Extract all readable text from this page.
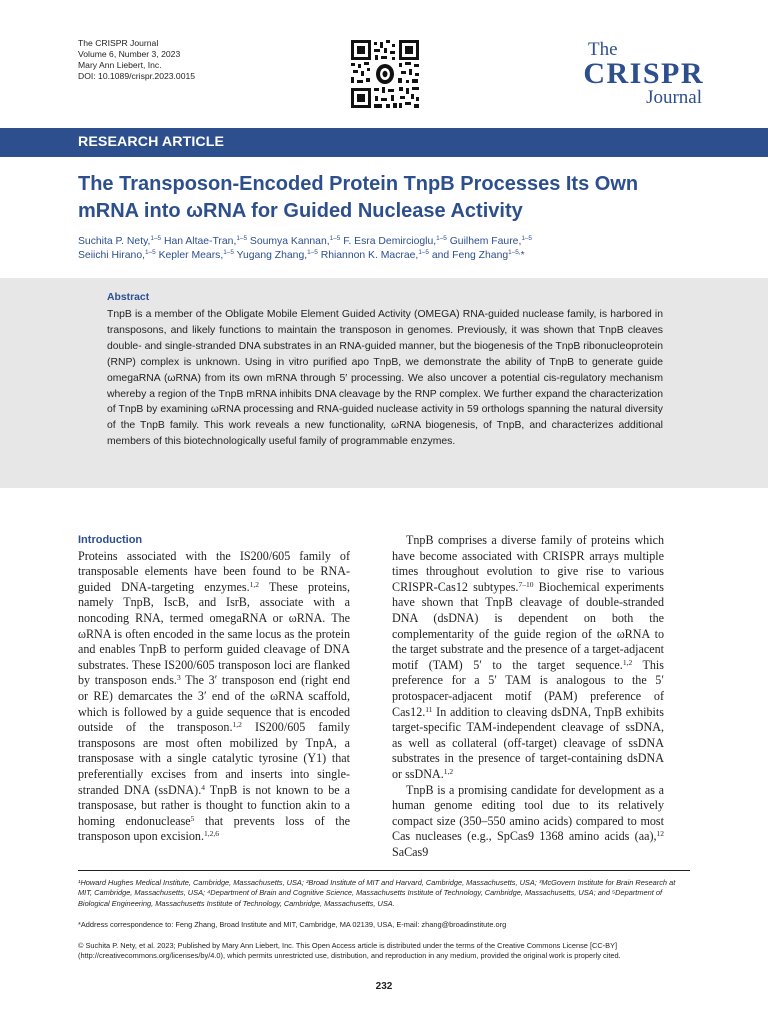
The CRISPR Journal
Volume 6, Number 3, 2023
Mary Ann Liebert, Inc.
DOI: 10.1089/crispr.2023.0015
The
CRISPR
Journal
RESEARCH ARTICLE
The Transposon-Encoded Protein TnpB Processes Its Own
mRNA into ωRNA for Guided Nuclease Activity
Suchita P. Nety,$^{1-5}$ Han Altae-Tran,$^{1-5}$ Soumya Kannan,$^{1-5}$ F. Esra Demircioglu,$^{1-5}$ Guilhem Faure,$^{1-5}$
Seiichi Hirano,$^{1-5}$ Kepler Mears,$^{1-5}$ Yugang Zhang,$^{1-5}$ Rhiannon K. Macrae,$^{1-5}$ and Feng Zhang$^{1-5,}$*
Abstract
TnpB is a member of the Obligate Mobile Element Guided Activity (OMEGA) RNA-guided nuclease family, is harbored in transposons, and likely functions to maintain the transposon in genomes. Previously, it was shown that TnpB cleaves double- and single-stranded DNA substrates in an RNA-guided manner, but the biogenesis of the TnpB ribonucleoprotein (RNP) complex is unknown. Using in vitro purified apo TnpB, we demonstrate the ability of TnpB to generate guide omegaRNA (ωRNA) from its own mRNA through 5′ processing. We also uncover a potential cis-regulatory mechanism whereby a region of the TnpB mRNA inhibits DNA cleavage by the RNP complex. We further expand the characterization of TnpB by examining ωRNA processing and RNA-guided nuclease activity in 59 orthologs spanning the natural diversity of the TnpB family. This work reveals a new functionality, ωRNA biogenesis, of TnpB, and characterizes additional members of this biotechnologically useful family of programmable enzymes.
Introduction

Proteins associated with the IS200/605 family of transposable elements have been found to be RNA-guided DNA-targeting enzymes.$^{1,2}$ These proteins, namely TnpB, IscB, and IsrB, associate with a noncoding RNA, termed omegaRNA or ωRNA. The ωRNA is often encoded in the same locus as the protein and enables TnpB to perform guided cleavage of DNA substrates. These IS200/605 transposon loci are flanked by transposon ends.$^3$ The 3′ transposon end (right end or RE) demarcates the 3′ end of the ωRNA scaffold, which is followed by a guide sequence that is encoded outside of the transposon.$^{1,2}$ IS200/605 family transposons are most often mobilized by TnpA, a transposase with a single catalytic tyrosine (Y1) that preferentially excises from and inserts into single-stranded DNA (ssDNA).$^4$ TnpB is not known to be a transposase, but rather is thought to function akin to a homing endonuclease$^5$ that prevents loss of the transposon upon excision.$^{1,2,6}$

TnpB comprises a diverse family of proteins which have become associated with CRISPR arrays multiple times throughout evolution to give rise to various CRISPR-Cas12 subtypes.$^{7-10}$ Biochemical experiments have shown that TnpB cleavage of double-stranded DNA (dsDNA) is dependent on both the complementarity of the guide region of the ωRNA to the target substrate and the presence of a target-adjacent motif (TAM) 5′ to the target sequence.$^{1,2}$ This preference for a 5′ TAM is analogous to the 5′ protospacer-adjacent motif (PAM) preference of Cas12.11 In addition to cleaving dsDNA, TnpB exhibits target-specific TAM-independent cleavage of ssDNA, as well as collateral (off-target) cleavage of ssDNA substrates in the presence of target-containing dsDNA or ssDNA.$^{1,2}$

TnpB is a promising candidate for development as a human genome editing tool due to its relatively compact size (350–550 amino acids) compared to most Cas nucleases (e.g., SpCas9 1368 amino acids (aa),$^{12}$ SaCas9

¹Howard Hughes Medical Institute, Cambridge, Massachusetts, USA; ²Broad Institute of MIT and Harvard, Cambridge, Massachusetts, USA; ³McGovern Institute for Brain Research at MIT, Cambridge, Massachusetts, USA; ⁴Department of Brain and Cognitive Science, Massachusetts Institute of Technology, Cambridge, Massachusetts, USA; and ⁵Department of Biological Engineering, Massachusetts Institute of Technology, Cambridge, Massachusetts, USA.
*Address correspondence to: Feng Zhang, Broad Institute and MIT, Cambridge, MA 02139, USA, E-mail: zhang@broadinstitute.org
© Suchita P. Nety, et al. 2023; Published by Mary Ann Liebert, Inc. This Open Access article is distributed under the terms of the Creative Commons License [CC-BY] (http://creativecommons.org/licenses/by/4.0), which permits unrestricted use, distribution, and reproduction in any medium, provided the original work is properly cited.
232
